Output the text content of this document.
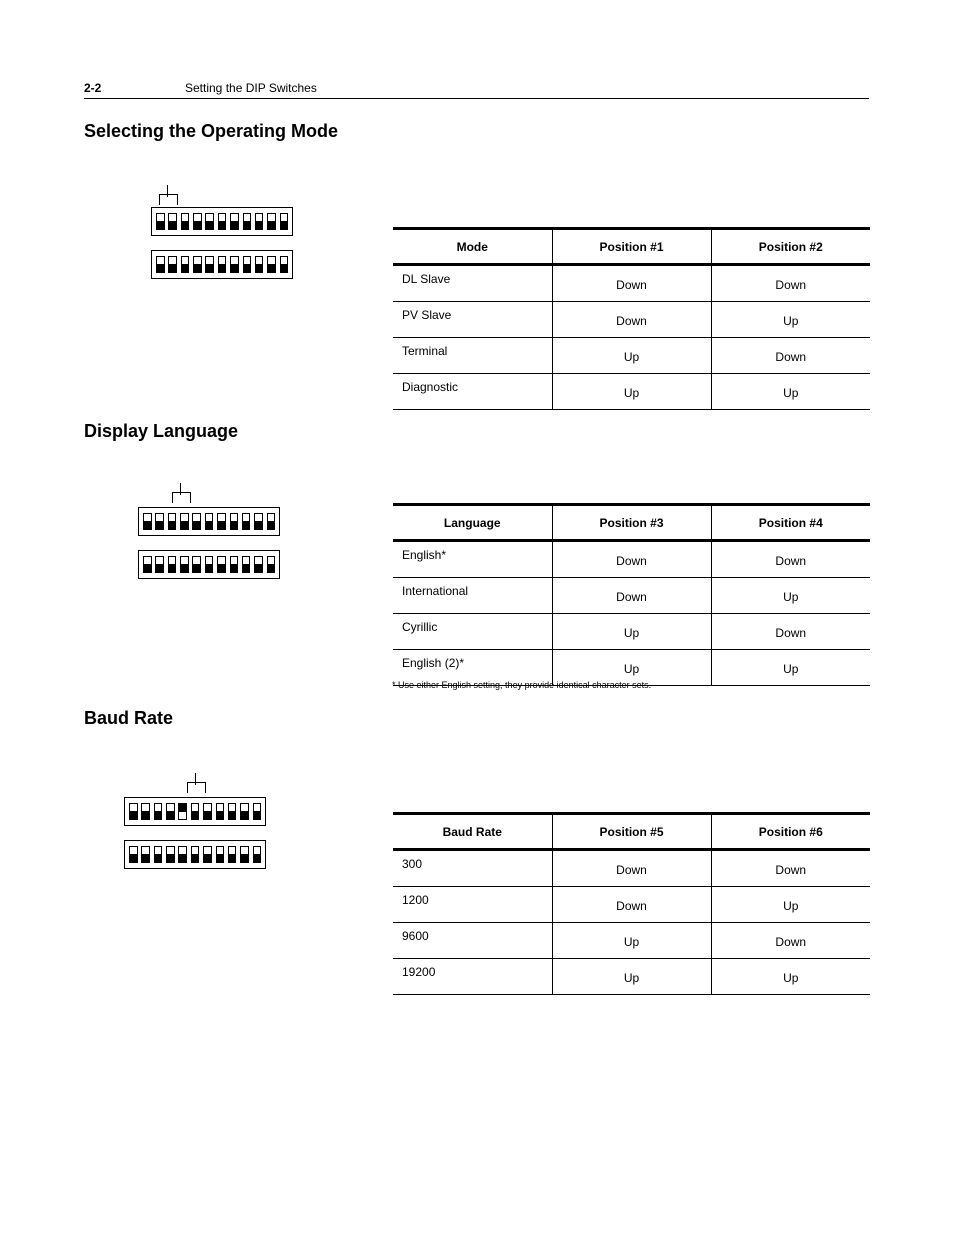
2-2	Setting the DIP Switches
Selecting the Operating Mode
Mode	Position #1	Position #2
DL Slave	Down	Down
PV Slave	Down	Up
Terminal	Up	Down
Diagnostic	Up	Up
Display Language
Language	Position #3	Position #4
English*	Down	Down
International	Down	Up
Cyrillic	Up	Down
English (2)*	Up	Up
* Use either English setting, they provide identical character sets.
Baud Rate
Baud Rate	Position #5	Position #6
300	Down	Down
1200	Down	Up
9600	Up	Down
19200	Up	Up
